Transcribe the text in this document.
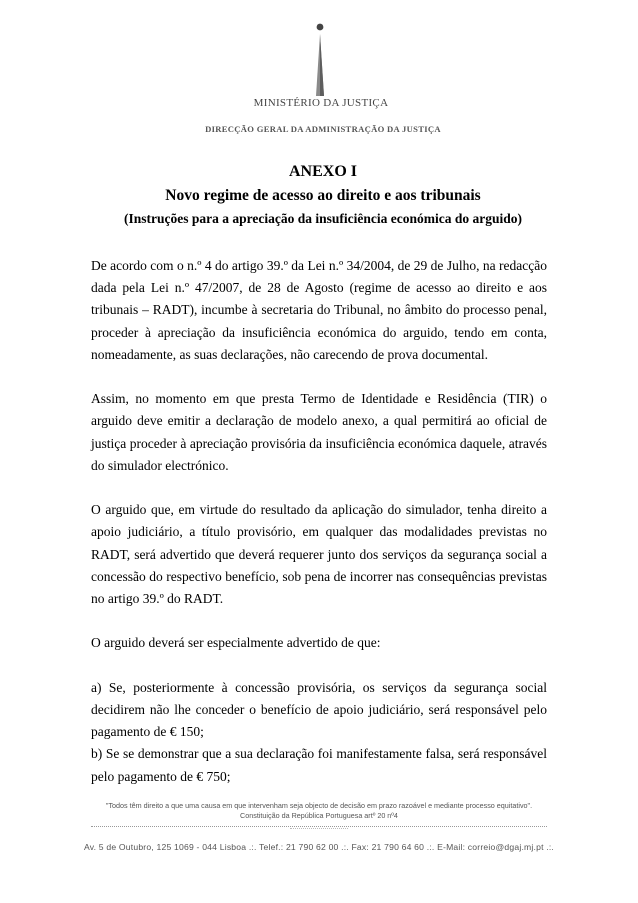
MINISTÉRIO DA JUSTIÇA
DIRECÇÃO GERAL DA ADMINISTRAÇÃO DA JUSTIÇA
ANEXO I
Novo regime de acesso ao direito e aos tribunais
(Instruções para a apreciação da insuficiência económica do arguido)

De acordo com o n.º 4 do artigo 39.º da Lei n.º 34/2004, de 29 de Julho, na redacção dada pela Lei n.º 47/2007, de 28 de Agosto (regime de acesso ao direito e aos tribunais – RADT), incumbe à secretaria do Tribunal, no âmbito do processo penal, proceder à apreciação da insuficiência económica do arguido, tendo em conta, nomeadamente, as suas declarações, não carecendo de prova documental.

Assim, no momento em que presta Termo de Identidade e Residência (TIR) o arguido deve emitir a declaração de modelo anexo, a qual permitirá ao oficial de justiça proceder à apreciação provisória da insuficiência económica daquele, através do simulador electrónico.

O arguido que, em virtude do resultado da aplicação do simulador, tenha direito a apoio judiciário, a título provisório, em qualquer das modalidades previstas no RADT, será advertido que deverá requerer junto dos serviços da segurança social a concessão do respectivo benefício, sob pena de incorrer nas consequências previstas no artigo 39.º do RADT.

O arguido deverá ser especialmente advertido de que:

a) Se, posteriormente à concessão provisória, os serviços da segurança social decidirem não lhe conceder o benefício de apoio judiciário, será responsável pelo pagamento de € 150;

b) Se se demonstrar que a sua declaração foi manifestamente falsa, será responsável pelo pagamento de € 750;

"Todos têm direito a que uma causa em que intervenham seja objecto de decisão em prazo razoável e mediante processo equitativo".
Constituição da República Portuguesa artº 20 nº4
Av. 5 de Outubro, 125 1069 - 044 Lisboa .:. Telef.: 21 790 62 00 .:. Fax: 21 790 64 60 .:. E-Mail: correio@dgaj.mj.pt .:.
